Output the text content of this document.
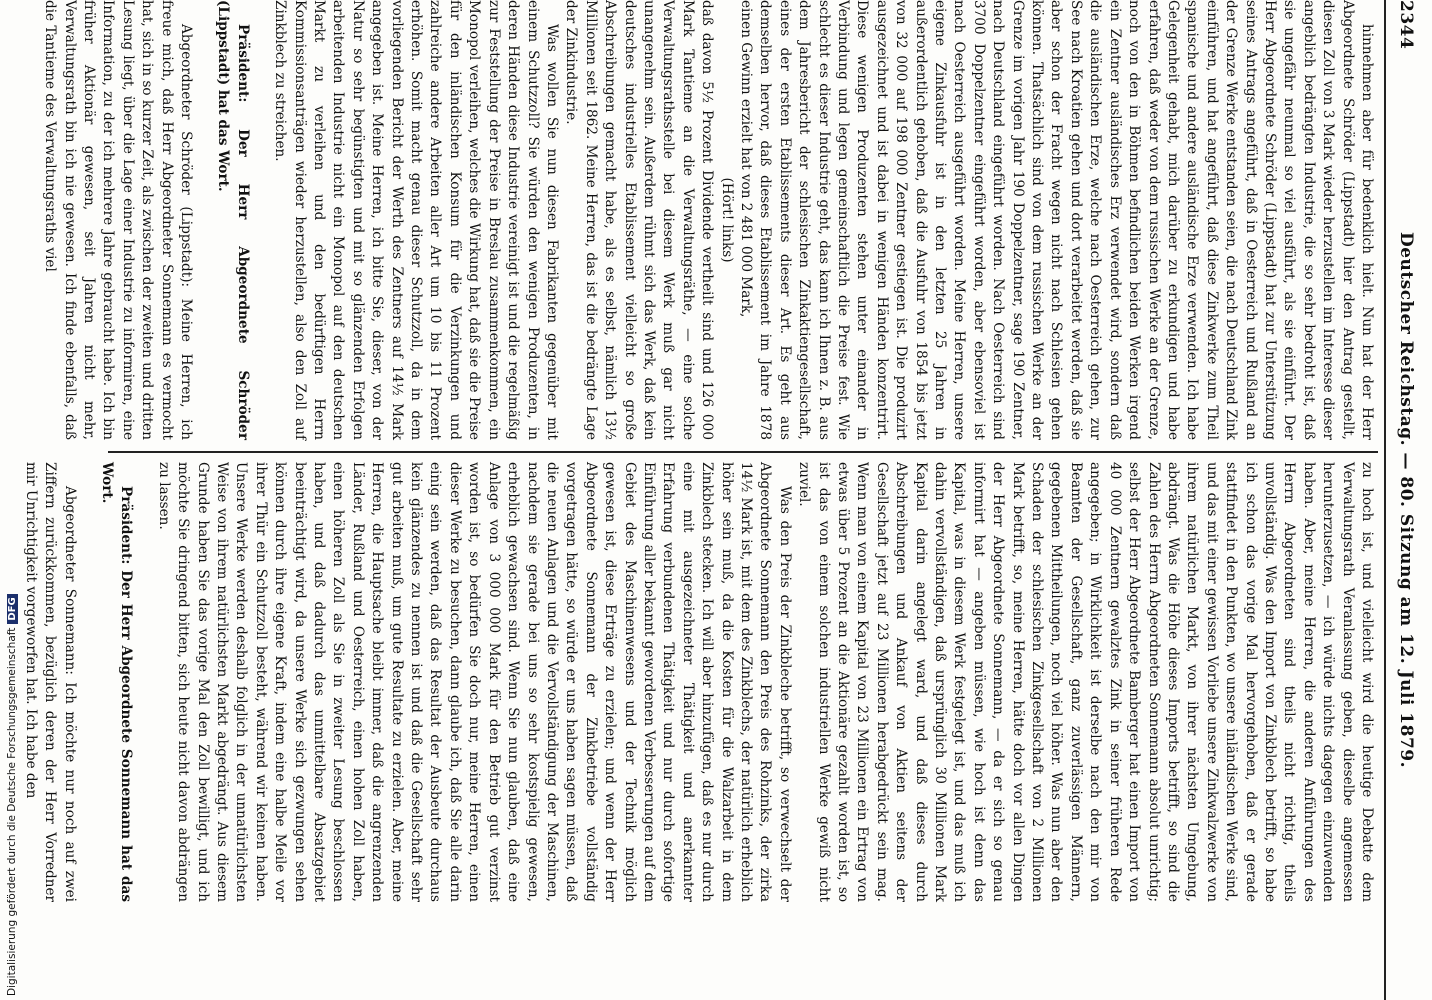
2344
Deutscher Reichstag. — 80. Sitzung am 12. Juli 1879.

hinnehmen aber für bedenklich hielt. Nun hat der Herr Abgeordnete Schröder (Lippstadt) hier den Antrag gestellt, diesen Zoll von 3 Mark wieder herzustellen im Interesse dieser angeblich bedrängten Industrie, die so sehr bedroht ist, daß sie ungefähr neunmal so viel ausführt, als sie einführt. Der Herr Abgeordnete Schröder (Lippstadt) hat zur Unterstützung seines Antrags angeführt, daß in Oesterreich und Rußland an der Grenze Werke entstanden seien, die nach Deutschland Zink einführen, und hat angeführt, daß diese Zinkwerke zum Theil spanische und andere ausländische Erze verwenden. Ich habe Gelegenheit gehabt, mich darüber zu erkundigen und habe erfahren, daß weder von dem russischen Werke an der Grenze, noch von den in Böhmen befindlichen beiden Werken irgend ein Zentner ausländisches Erz verwendet wird, sondern daß die ausländischen Erze, welche nach Oesterreich gehen, zur See nach Kroatien gehen und dort verarbeitet werden, daß sie aber schon der Fracht wegen nicht nach Schlesien gehen können. Thatsächlich sind von dem russischen Werke an der Grenze im vorigen Jahr 190 Doppelzentner, sage 190 Zentner, nach Deutschland eingeführt worden. Nach Oesterreich sind 3700 Doppelzentner eingeführt worden, aber ebensoviel ist nach Oesterreich ausgeführt worden. Meine Herren, unsere eigene Zinkausfuhr ist in den letzten 25 Jahren in außerordentlich gehoben, daß die Ausfuhr von 1854 bis jetzt von 32 000 auf 198 000 Zentner gestiegen ist. Die produzirt ausgezeichnet und ist dabei in wenigen Händen konzentrirt. Diese wenigen Produzenten stehen unter einander in Verbindung und legen gemeinschaftlich die Preise fest. Wie schlecht es dieser Industrie geht, das kann ich Ihnen z. B. aus dem Jahresbericht der schlesischen Zinkaktiengesellschaft, eines der ersten Etablissements dieser Art. Es geht aus demselben hervor, daß dieses Etablissement im Jahre 1878 einen Gewinn erzielt hat von 2 481 000 Mark,

(Hört! links)

daß davon 5½ Prozent Dividende vertheilt sind und 126 000 Mark Tantieme an die Verwaltungsräthe, — eine solche Verwaltungsrathsstelle bei diesem Werk muß gar nicht unangenehm sein. Außerdem rühmt sich das Werk, daß kein deutsches industrielles Etablissement vielleicht so große Abschreibungen gemacht habe, als es selbst, nämlich 13½ Millionen seit 1862. Meine Herren, das ist die bedrängte Lage der Zinkindustrie.

Was wollen Sie nun diesen Fabrikanten gegenüber mit einem Schutzzoll? Sie würden den wenigen Produzenten, in deren Händen diese Industrie vereinigt ist und die regelmäßig zur Feststellung der Preise in Breslau zusammenkommen, ein Monopol verleihen, welches die Wirkung hat, daß sie die Preise für den inländischen Konsum für die Verzinkungen und zahlreiche andere Arbeiten aller Art um 10 bis 11 Prozent erhöhen. Somit macht genau dieser Schutzzoll, da in dem vorliegenden Bericht der Werth des Zentners auf 14½ Mark angegeben ist. Meine Herren, ich bitte Sie, dieser, von der Natur so sehr begünstigten und mit so glänzenden Erfolgen arbeitenden Industrie nicht ein Monopol auf den deutschen Markt zu verleihen und den bedürftigen Herrn Kommissionsanträgen wieder herzustellen, also den Zoll auf Zinkblech zu streichen.

Präsident: Der Herr Abgeordnete Schröder (Lippstadt) hat das Wort.

Abgeordneter Schröder (Lippstadt): Meine Herren, ich freue mich, daß Herr Abgeordneter Sonnemann es vermocht hat, sich in so kurzer Zeit, als zwischen der zweiten und dritten Lesung liegt, über die Lage einer Industrie zu informiren, eine Information, zu der ich mehrere Jahre gebraucht habe. Ich bin früher Aktionär gewesen, seit Jahren nicht mehr, Verwaltungsrath bin ich nie gewesen. Ich finde ebenfalls, daß die Tantieme des Verwaltungsraths viel

zu hoch ist, und vielleicht wird die heutige Debatte dem Verwaltungsrath Veranlassung geben, dieselbe angemessen herunterzusetzen, — ich würde nichts dagegen einzuwenden haben. Aber, meine Herren, die anderen Anführungen des Herrn Abgeordneten sind theils nicht richtig, theils unvollständig. Was den Import von Zinkblech betrifft, so habe ich schon das vorige Mal hervorgehoben, daß er gerade stattfindet in den Punkten, wo unsere inländischen Werke sind, und das mit einer gewissen Vorliebe unsere Zinkwalzwerke von ihrem natürlichen Markt, von ihrer nächsten Umgebung, abdrängt. Was die Höhe dieses Imports betrifft, so sind die Zahlen des Herrn Abgeordneten Sonnemann absolut unrichtig; selbst der Herr Abgeordnete Bamberger hat einen Import von 40 000 Zentnern gewalztes Zink in seiner früheren Rede angegeben; in Wirklichkeit ist derselbe nach den mir von Beamten der Gesellschaft, ganz zuverlässigen Männern, gegebenen Mittheilungen, noch viel höher. Was nun aber den Schaden der schlesischen Zinkgesellschaft von 2 Millionen Mark betrifft, so, meine Herren, hätte doch vor allen Dingen der Herr Abgeordnete Sonnemann, — da er sich so genau informirt hat — angeben müssen, wie hoch ist denn das Kapital, was in diesem Werk festgelegt ist, und das muß ich dahin vervollständigen, daß ursprünglich 30 Millionen Mark Kapital darin angelegt ward, und daß dieses durch Abschreibungen und Ankauf von Aktien seitens der Gesellschaft jetzt auf 23 Millionen herabgedrückt sein mag. Wenn man von einem Kapital von 23 Millionen ein Ertrag von etwas über 5 Prozent an die Aktionäre gezahlt worden ist, so ist das von einem solchen industriellen Werke gewiß nicht zuviel.

Was den Preis der Zinkbleche betrifft, so verwechselt der Abgeordnete Sonnemann den Preis des Rohzinks, der zirka 14½ Mark ist, mit dem des Zinkblechs, der natürlich erheblich höher sein muß, da die Kosten für die Walzarbeit in dem Zinkblech stecken. Ich will aber hinzufügen, daß es nur durch eine mit ausgezeichneter Thätigkeit und anerkannter Erfahrung verbundenen Thätigkeit und nur durch sofortige Einführung aller bekannt gewordenen Verbesserungen auf dem Gebiet des Maschinenwesens und der Technik möglich gewesen ist, diese Erträge zu erzielen; und wenn der Herr Abgeordnete Sonnemann der Zinkbetriebe vollständig vorgetragen hätte, so würde er uns haben sagen müssen, daß die neuen Anlagen und die Vervollständigung der Maschinen, nachdem sie gerade bei uns so sehr kostspielig gewesen, erheblich gewachsen sind. Wenn Sie nun glauben, daß eine Anlage von 3 000 000 Mark für den Betrieb gut verzinst worden ist, so bedürfen Sie doch nur, meine Herren, einen dieser Werke zu besuchen, dann glaube ich, daß Sie alle darin einig sein werden, daß das Resultat der Ausbeute durchaus kein glänzendes zu nennen ist und daß die Gesellschaft sehr gut arbeiten muß, um gute Resultate zu erzielen. Aber, meine Herren, die Hauptsache bleibt immer, daß die angrenzenden Länder, Rußland und Oesterreich, einen hohen Zoll haben, einen höheren Zoll als Sie in zweiter Lesung beschlossen haben, und daß dadurch das unmittelbare Absatzgebiet beeinträchtigt wird, da unsere Werke sich gezwungen sehen können durch ihre eigene Kraft, indem eine halbe Meile vor ihrer Thür ein Schutzzoll besteht, während wir keinen haben. Unsere Werke werden deshalb folglich in der unnatürlichsten Weise von ihrem natürlichsten Markt abgedrängt. Aus diesem Grunde haben Sie das vorige Mal den Zoll bewilligt, und ich möchte Sie dringend bitten, sich heute nicht davon abdrängen zu lassen.

Präsident: Der Herr Abgeordnete Sonnemann hat das Wort.

Abgeordneter Sonnemann: Ich möchte nur noch auf zwei Ziffern zurückkommen, bezüglich deren der Herr Vorredner mir Unrichtigkeit vorgeworfen hat. Ich habe den

Digitalisierung gefördert durch die Deutsche ForschungsgemeinschaftDFG
